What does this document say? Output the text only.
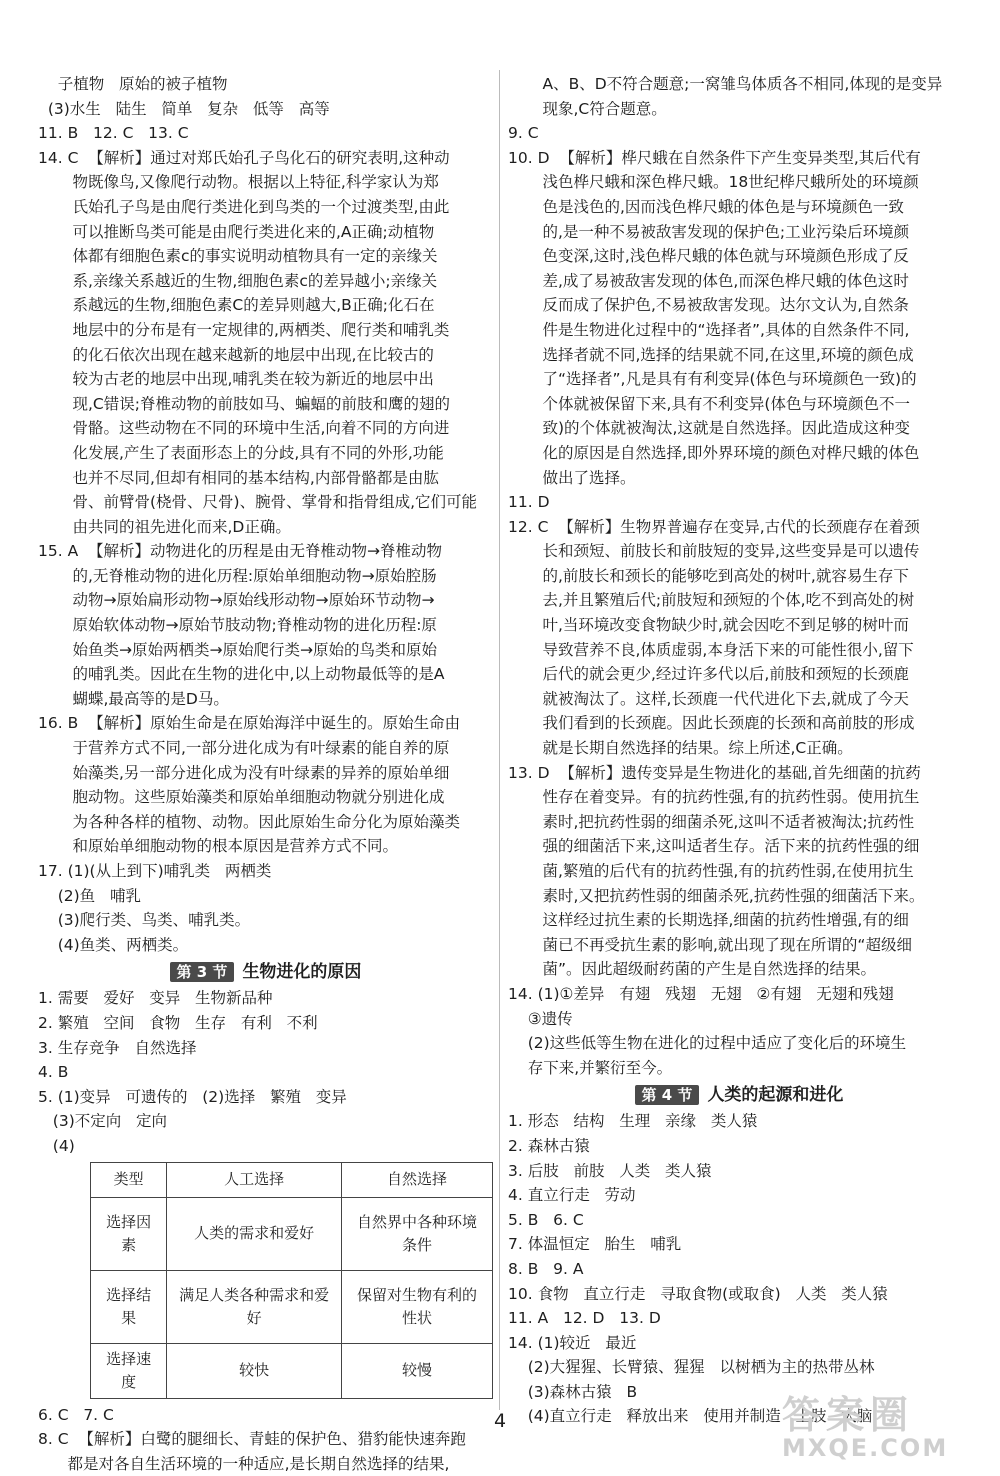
子植物   原始的被子植物
(3)水生   陆生   简单   复杂   低等   高等
11. B   12. C   13. C
14. C  【解析】通过对郑氏始孔子鸟化石的研究表明,这种动
物既像鸟,又像爬行动物。根据以上特征,科学家认为郑
氏始孔子鸟是由爬行类进化到鸟类的一个过渡类型,由此
可以推断鸟类可能是由爬行类进化来的,A正确;动植物
体都有细胞色素c的事实说明动植物具有一定的亲缘关
系,亲缘关系越近的生物,细胞色素c的差异越小;亲缘关
系越远的生物,细胞色素C的差异则越大,B正确;化石在
地层中的分布是有一定规律的,两栖类、爬行类和哺乳类
的化石依次出现在越来越新的地层中出现,在比较古的
较为古老的地层中出现,哺乳类在较为新近的地层中出
现,C错误;脊椎动物的前肢如马、蝙蝠的前肢和鹰的翅的
骨骼。这些动物在不同的环境中生活,向着不同的方向进
化发展,产生了表面形态上的分歧,具有不同的外形,功能
也并不尽同,但却有相同的基本结构,内部骨骼都是由肱
骨、前臂骨(桡骨、尺骨)、腕骨、掌骨和指骨组成,它们可能
由共同的祖先进化而来,D正确。
15. A  【解析】动物进化的历程是由无脊椎动物→脊椎动物
的,无脊椎动物的进化历程:原始单细胞动物→原始腔肠
动物→原始扁形动物→原始线形动物→原始环节动物→
原始软体动物→原始节肢动物;脊椎动物的进化历程:原
始鱼类→原始两栖类→原始爬行类→原始的鸟类和原始
的哺乳类。因此在生物的进化中,以上动物最低等的是A
蝴蝶,最高等的是D马。
16. B  【解析】原始生命是在原始海洋中诞生的。原始生命由
于营养方式不同,一部分进化成为有叶绿素的能自养的原
始藻类,另一部分进化成为没有叶绿素的异养的原始单细
胞动物。这些原始藻类和原始单细胞动物就分别进化成
为各种各样的植物、动物。因此原始生命分化为原始藻类
和原始单细胞动物的根本原因是营养方式不同。
17. (1)(从上到下)哺乳类   两栖类
(2)鱼   哺乳
(3)爬行类、鸟类、哺乳类。
(4)鱼类、两栖类。
第 3 节 生物进化的原因
1. 需要   爱好   变异   生物新品种
2. 繁殖   空间   食物   生存   有利   不利
3. 生存竞争   自然选择
4. B
5. (1)变异   可遗传的   (2)选择   繁殖   变异
(3)不定向   定向
(4)
类型	人工选择	自然选择
选择因素	人类的需求和爱好	自然界中各种环境条件
选择结果	满足人类各种需求和爱好	保留对生物有利的性状
选择速度	较快	较慢
6. C   7. C
8. C  【解析】白鹭的腿细长、青蛙的保护色、猎豹能快速奔跑
都是对各自生活环境的一种适应,是长期自然选择的结果,
A、B、D不符合题意;一窝雏鸟体质各不相同,体现的是变异
现象,C符合题意。
9. C
10. D  【解析】桦尺蛾在自然条件下产生变异类型,其后代有
浅色桦尺蛾和深色桦尺蛾。18世纪桦尺蛾所处的环境颜
色是浅色的,因而浅色桦尺蛾的体色是与环境颜色一致
的,是一种不易被敌害发现的保护色;工业污染后环境颜
色变深,这时,浅色桦尺蛾的体色就与环境颜色形成了反
差,成了易被敌害发现的体色,而深色桦尺蛾的体色这时
反而成了保护色,不易被敌害发现。达尔文认为,自然条
件是生物进化过程中的“选择者”,具体的自然条件不同,
选择者就不同,选择的结果就不同,在这里,环境的颜色成
了“选择者”,凡是具有有利变异(体色与环境颜色一致)的
个体就被保留下来,具有不利变异(体色与环境颜色不一
致)的个体就被淘汰,这就是自然选择。因此造成这种变
化的原因是自然选择,即外界环境的颜色对桦尺蛾的体色
做出了选择。
11. D
12. C  【解析】生物界普遍存在变异,古代的长颈鹿存在着颈
长和颈短、前肢长和前肢短的变异,这些变异是可以遗传
的,前肢长和颈长的能够吃到高处的树叶,就容易生存下
去,并且繁殖后代;前肢短和颈短的个体,吃不到高处的树
叶,当环境改变食物缺少时,就会因吃不到足够的树叶而
导致营养不良,体质虚弱,本身活下来的可能性很小,留下
后代的就会更少,经过许多代以后,前肢和颈短的长颈鹿
就被淘汰了。这样,长颈鹿一代代进化下去,就成了今天
我们看到的长颈鹿。因此长颈鹿的长颈和高前肢的形成
就是长期自然选择的结果。综上所述,C正确。
13. D  【解析】遗传变异是生物进化的基础,首先细菌的抗药
性存在着变异。有的抗药性强,有的抗药性弱。使用抗生
素时,把抗药性弱的细菌杀死,这叫不适者被淘汰;抗药性
强的细菌活下来,这叫适者生存。活下来的抗药性强的细
菌,繁殖的后代有的抗药性强,有的抗药性弱,在使用抗生
素时,又把抗药性弱的细菌杀死,抗药性强的细菌活下来。
这样经过抗生素的长期选择,细菌的抗药性增强,有的细
菌已不再受抗生素的影响,就出现了现在所谓的“超级细
菌”。因此超级耐药菌的产生是自然选择的结果。
14. (1)①差异   有翅   残翅   无翅   ②有翅   无翅和残翅
③遗传
(2)这些低等生物在进化的过程中适应了变化后的环境生
存下来,并繁衍至今。
第 4 节 人类的起源和进化
1. 形态   结构   生理   亲缘   类人猿
2. 森林古猿
3. 后肢   前肢   人类   类人猿
4. 直立行走   劳动
5. B   6. C
7. 体温恒定   胎生   哺乳
8. B   9. A
10. 食物   直立行走   寻取食物(或取食)   人类   类人猿
11. A   12. D   13. D
14. (1)较近   最近
(2)大猩猩、长臂猿、猩猩   以树栖为主的热带丛林
(3)森林古猿   B
(4)直立行走   释放出来   使用并制造   上肢   大脑
4	答案圈
MXQE.COM
